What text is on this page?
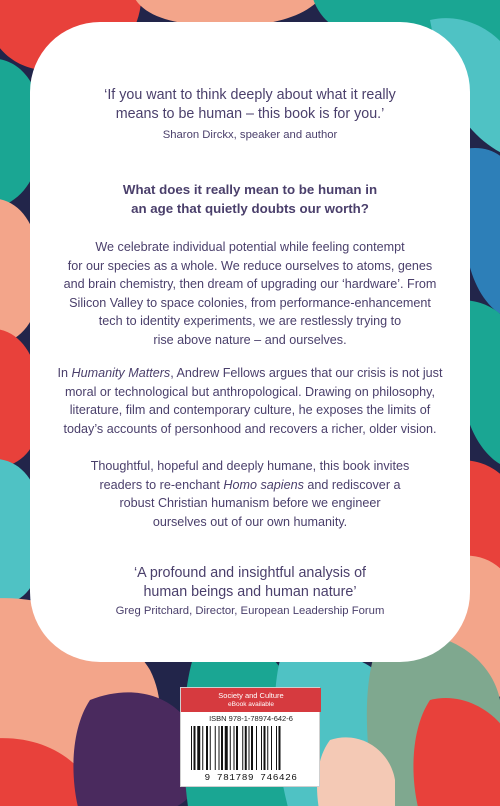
‘If you want to think deeply about what it really
means to be human – this book is for you.’
Sharon Dirckx, speaker and author
What does it really mean to be human in
an age that quietly doubts our worth?
We celebrate individual potential while feeling contempt
for our species as a whole. We reduce ourselves to atoms, genes
and brain chemistry, then dream of upgrading our ‘hardware’. From
Silicon Valley to space colonies, from performance-enhancement
tech to identity experiments, we are restlessly trying to
rise above nature – and ourselves.
In Humanity Matters, Andrew Fellows argues that our crisis is not just
moral or technological but anthropological. Drawing on philosophy,
literature, film and contemporary culture, he exposes the limits of
today’s accounts of personhood and recovers a richer, older vision.
Thoughtful, hopeful and deeply humane, this book invites
readers to re-enchant Homo sapiens and rediscover a
robust Christian humanism before we engineer
ourselves out of our own humanity.
‘A profound and insightful analysis of
human beings and human nature’
Greg Pritchard, Director, European Leadership Forum
Society and Culture
eBook available
ISBN 978-1-78974-642-6
9 781789 746426
